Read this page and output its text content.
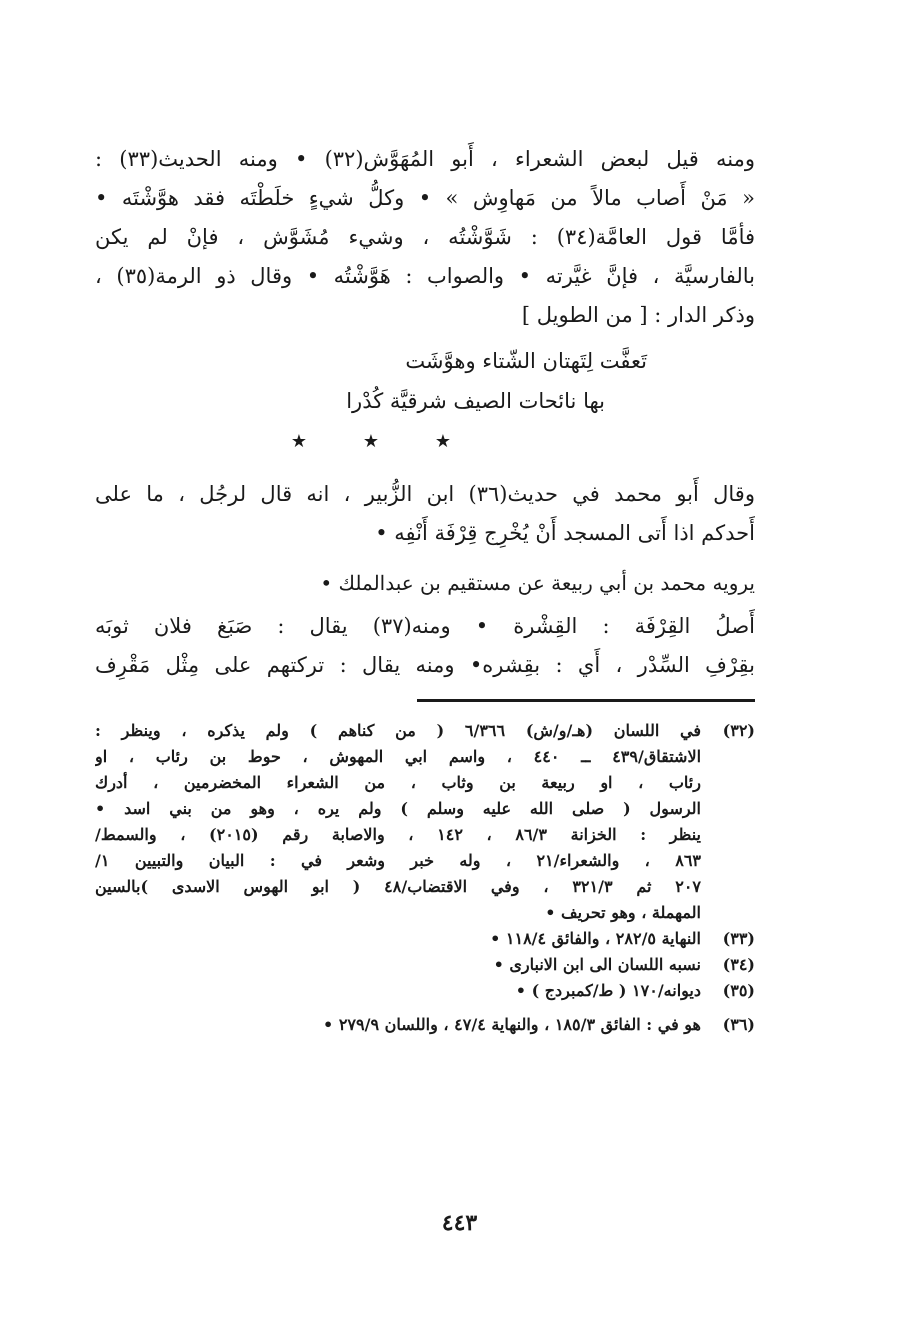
ومنه قيل لبعض الشعراء ، أَبو المُهَوَّش(٣٢) • ومنه الحديث(٣٣) :
« مَنْ أَصاب مالاً من مَهاوِش » • وكلُّ شيءٍ خلَطْتَه فقد هوَّشْتَه •
فأمَّا قول العامَّة(٣٤) : شَوَّشْتُه ، وشيء مُشَوَّش ، فإنْ لم يكن
بالفارسيَّة ، فإنَّ غيَّرته • والصواب : هَوَّشْتُه • وقال ذو الرمة(٣٥) ،
وذكر الدار : [ من الطويل ]
تَعفَّت لِتَهتان الشّتاء وهوَّشَت
بها نائحات الصيف شرقيَّة كُدْرا
★ ★ ★
وقال أَبو محمد في حديث(٣٦) ابن الزُّبير ، انه قال لرجُل ، ما على
أَحدكم اذا أَتى المسجد أَنْ يُخْرِج قِرْفَة أَنْفِه •
يرويه محمد بن أبي ربيعة عن مستقيم بن عبدالملك •
أَصلُ القِرْفَة : القِشْرة • ومنه(٣٧) يقال : صَبَغ فلان ثوبَه
بقِرْفِ السِّدْر ، أَي : بقِشره• ومنه يقال : تركتهم على مِثْل مَقْرِف
(٣٢)
في اللسان (هـ/و/ش) ٦/٣٦٦ ( من كناهم ) ولم يذكره ، وينظر :
الاشتقاق/٤٣٩ ــ ٤٤٠ ، واسم ابي المهوش ، حوط بن رئاب ، او
رئاب ، او ربيعة بن وثاب ، من الشعراء المخضرمين ، أدرك
الرسول ( صلى الله عليه وسلم ) ولم يره ، وهو من بني اسد •
ينظر : الخزانة ٨٦/٣ ، ١٤٢ ، والاصابة رقم (٢٠١٥) ، والسمط/
٨٦٣ ، والشعراء/٢١ ، وله خبر وشعر في : البيان والتبيين ١/
٢٠٧ ثم ٣٢١/٣ ، وفي الاقتضاب/٤٨ ( ابو الهوس الاسدى )بالسين
المهملة ، وهو تحريف •
(٣٣)
النهاية ٢٨٢/٥ ، والفائق ١١٨/٤ •
(٣٤)
نسبه اللسان الى ابن الانبارى •
(٣٥)
ديوانه/١٧٠ ( ط/كمبردج ) •
(٣٦)
هو في : الفائق ١٨٥/٣ ، والنهاية ٤٧/٤ ، واللسان ٢٧٩/٩ •
٤٤٣
